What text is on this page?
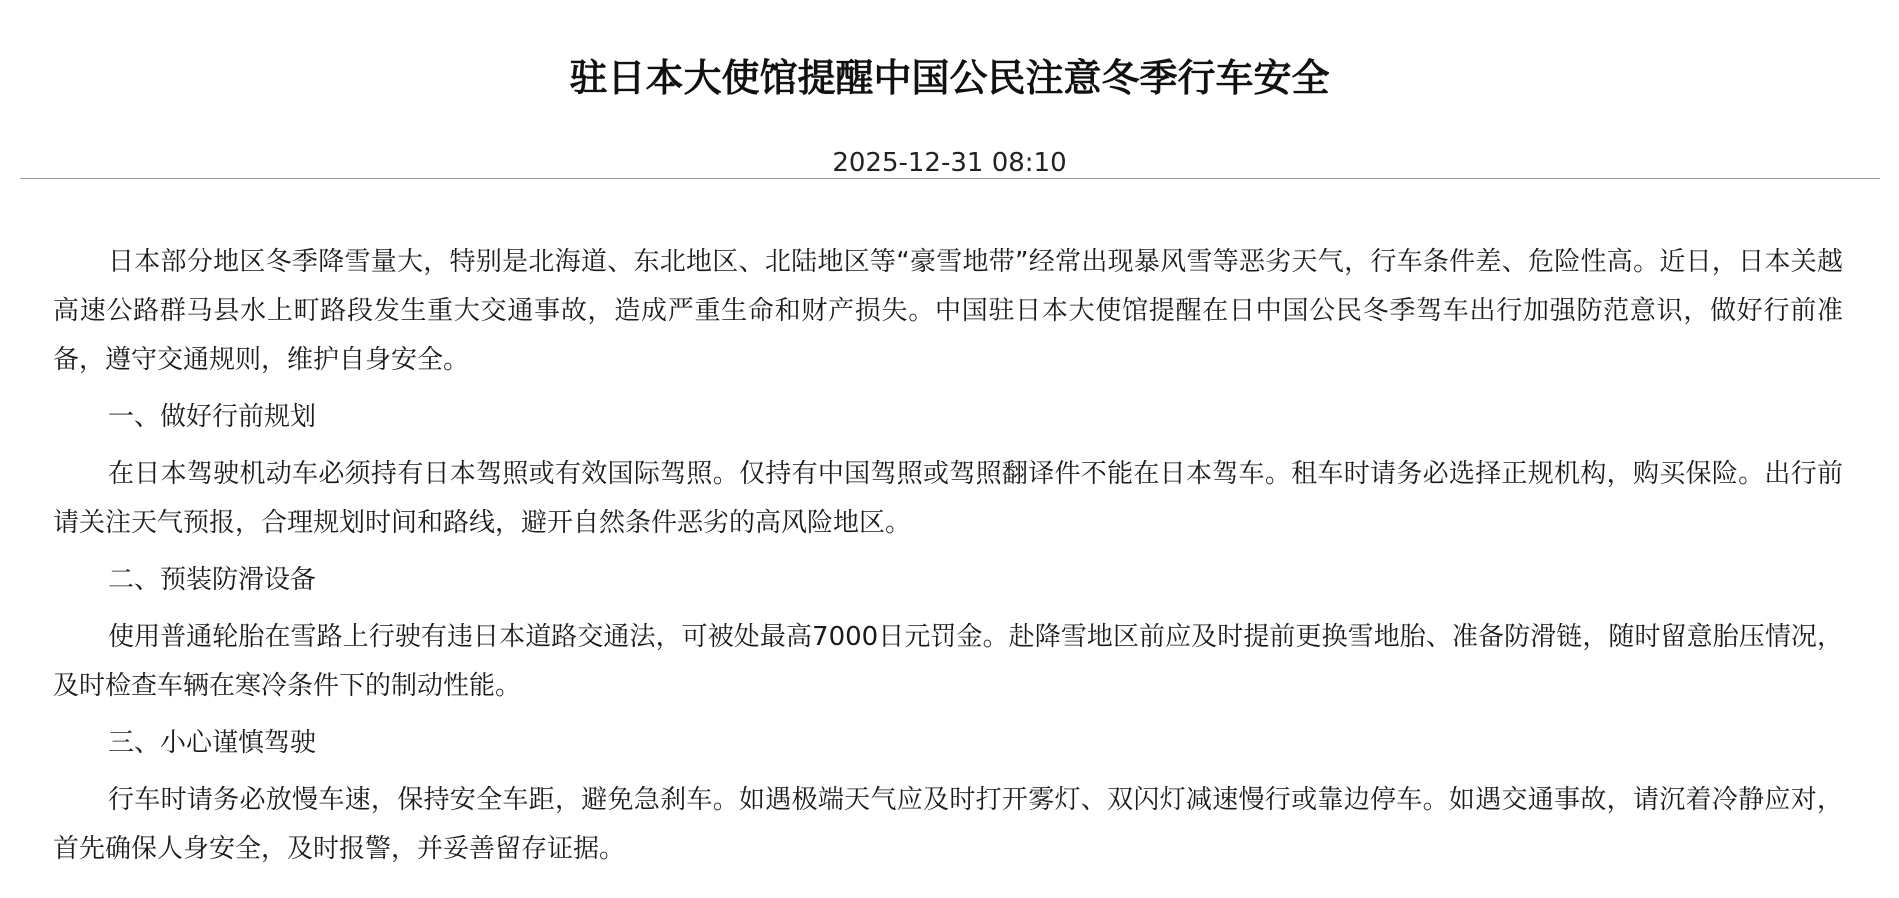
驻日本大使馆提醒中国公民注意冬季行车安全
2025-12-31 08:10

日本部分地区冬季降雪量大，特别是北海道、东北地区、北陆地区等“豪雪地带”经常出现暴风雪等恶劣天气，行车条件差、危险性高。近日，日本关越高速公路群马县水上町路段发生重大交通事故，造成严重生命和财产损失。中国驻日本大使馆提醒在日中国公民冬季驾车出行加强防范意识，做好行前准备，遵守交通规则，维护自身安全。

一、做好行前规划

在日本驾驶机动车必须持有日本驾照或有效国际驾照。仅持有中国驾照或驾照翻译件不能在日本驾车。租车时请务必选择正规机构，购买保险。出行前请关注天气预报，合理规划时间和路线，避开自然条件恶劣的高风险地区。

二、预装防滑设备

使用普通轮胎在雪路上行驶有违日本道路交通法，可被处最高7000日元罚金。赴降雪地区前应及时提前更换雪地胎、准备防滑链，随时留意胎压情况，及时检查车辆在寒冷条件下的制动性能。

三、小心谨慎驾驶

行车时请务必放慢车速，保持安全车距，避免急刹车。如遇极端天气应及时打开雾灯、双闪灯减速慢行或靠边停车。如遇交通事故，请沉着冷静应对，首先确保人身安全，及时报警，并妥善留存证据。
